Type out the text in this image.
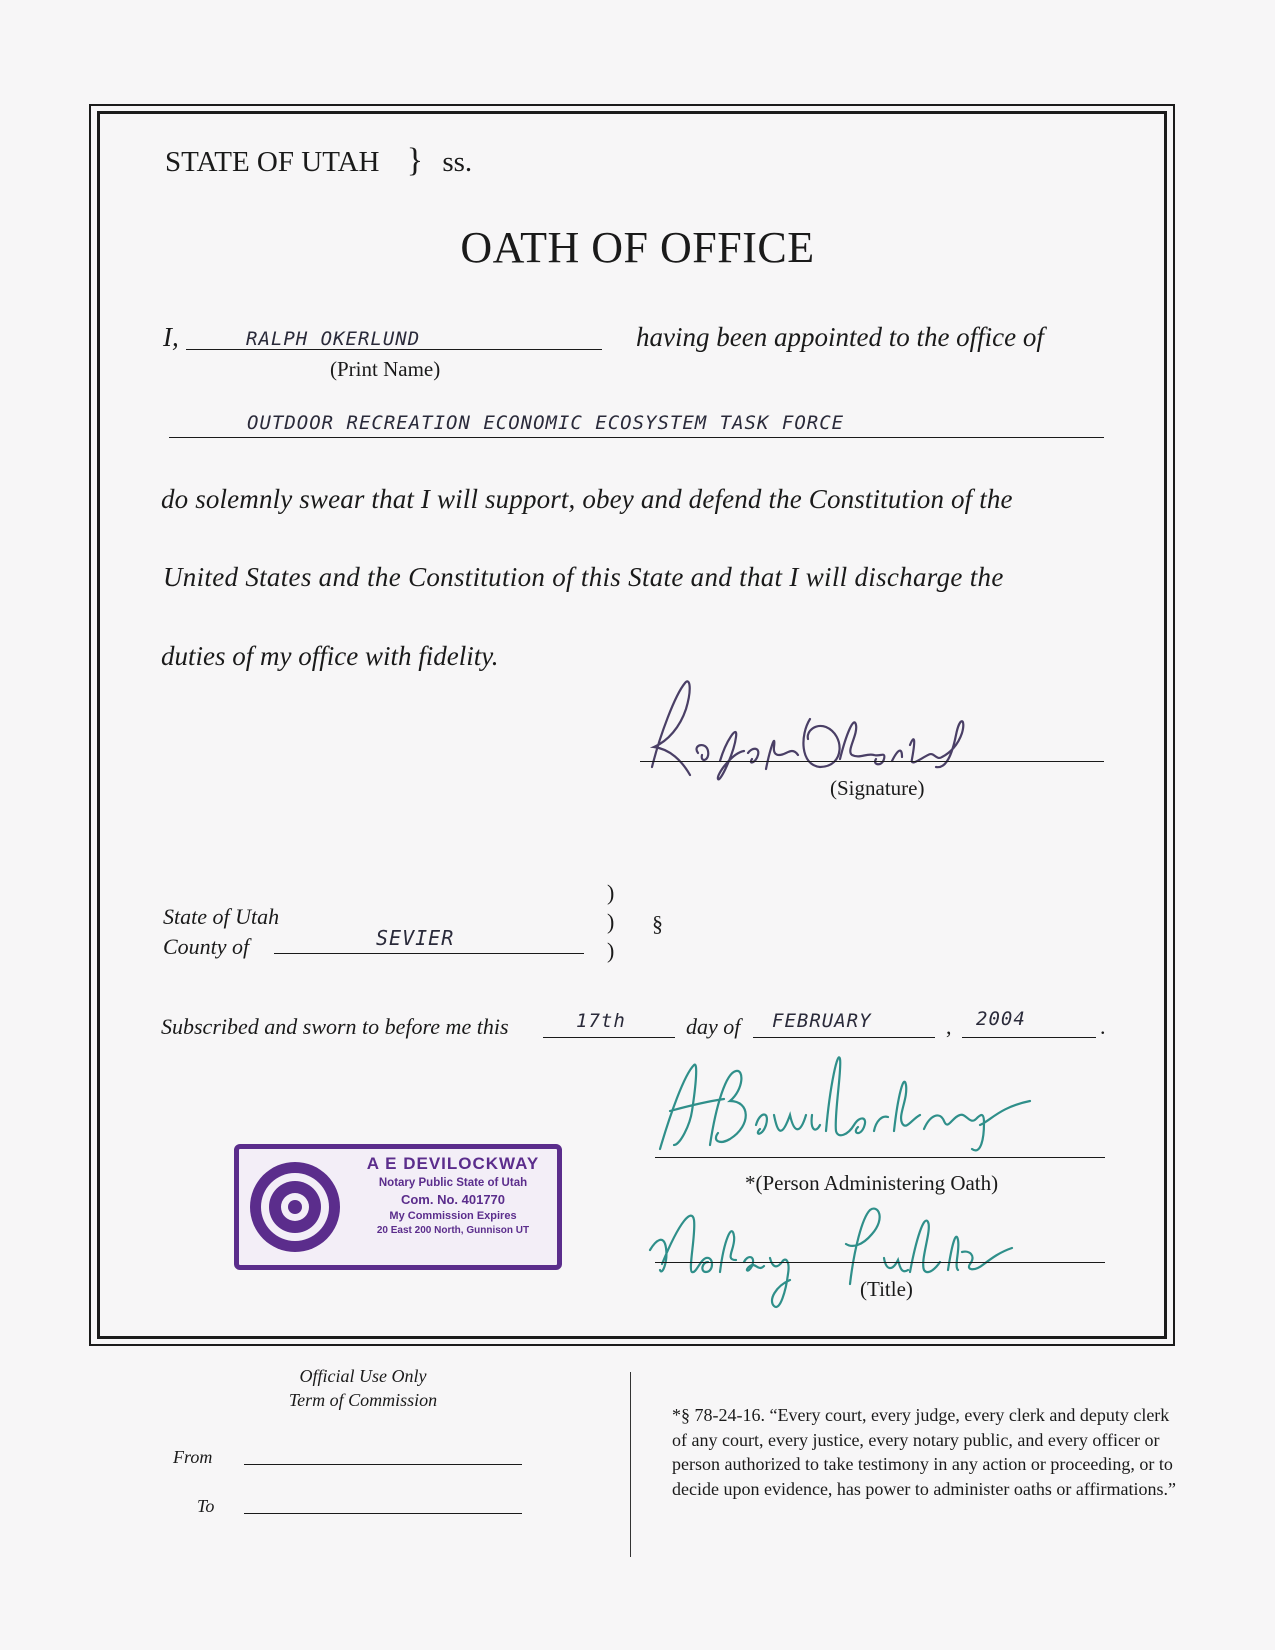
STATE OF UTAH } ss.
OATH OF OFFICE
I,	RALPH OKERLUND
(Print Name)
having been appointed to the office of
OUTDOOR RECREATION ECONOMIC ECOSYSTEM TASK FORCE
do solemnly swear that I will support, obey and defend the Constitution of the
United States and the Constitution of this State and that I will discharge the
duties of my office with fidelity.
(Signature)
State of Utah
County of	SEVIER
)
)
)
§
Subscribed and sworn to before me this	17th	day of FEBRUARY	, 2004	.
A E DEVILOCKWAY
Notary Public State of Utah
Com. No. 401770
My Commission Expires
20 East 200 North, Gunnison UT
*(Person Administering Oath)
(Title)
Official Use Only
Term of Commission
From
To
*§ 78-24-16. “Every court, every judge, every clerk and deputy clerk of any court, every justice, every notary public, and every officer or person authorized to take testimony in any action or proceeding, or to decide upon evidence, has power to administer oaths or affirmations.”
